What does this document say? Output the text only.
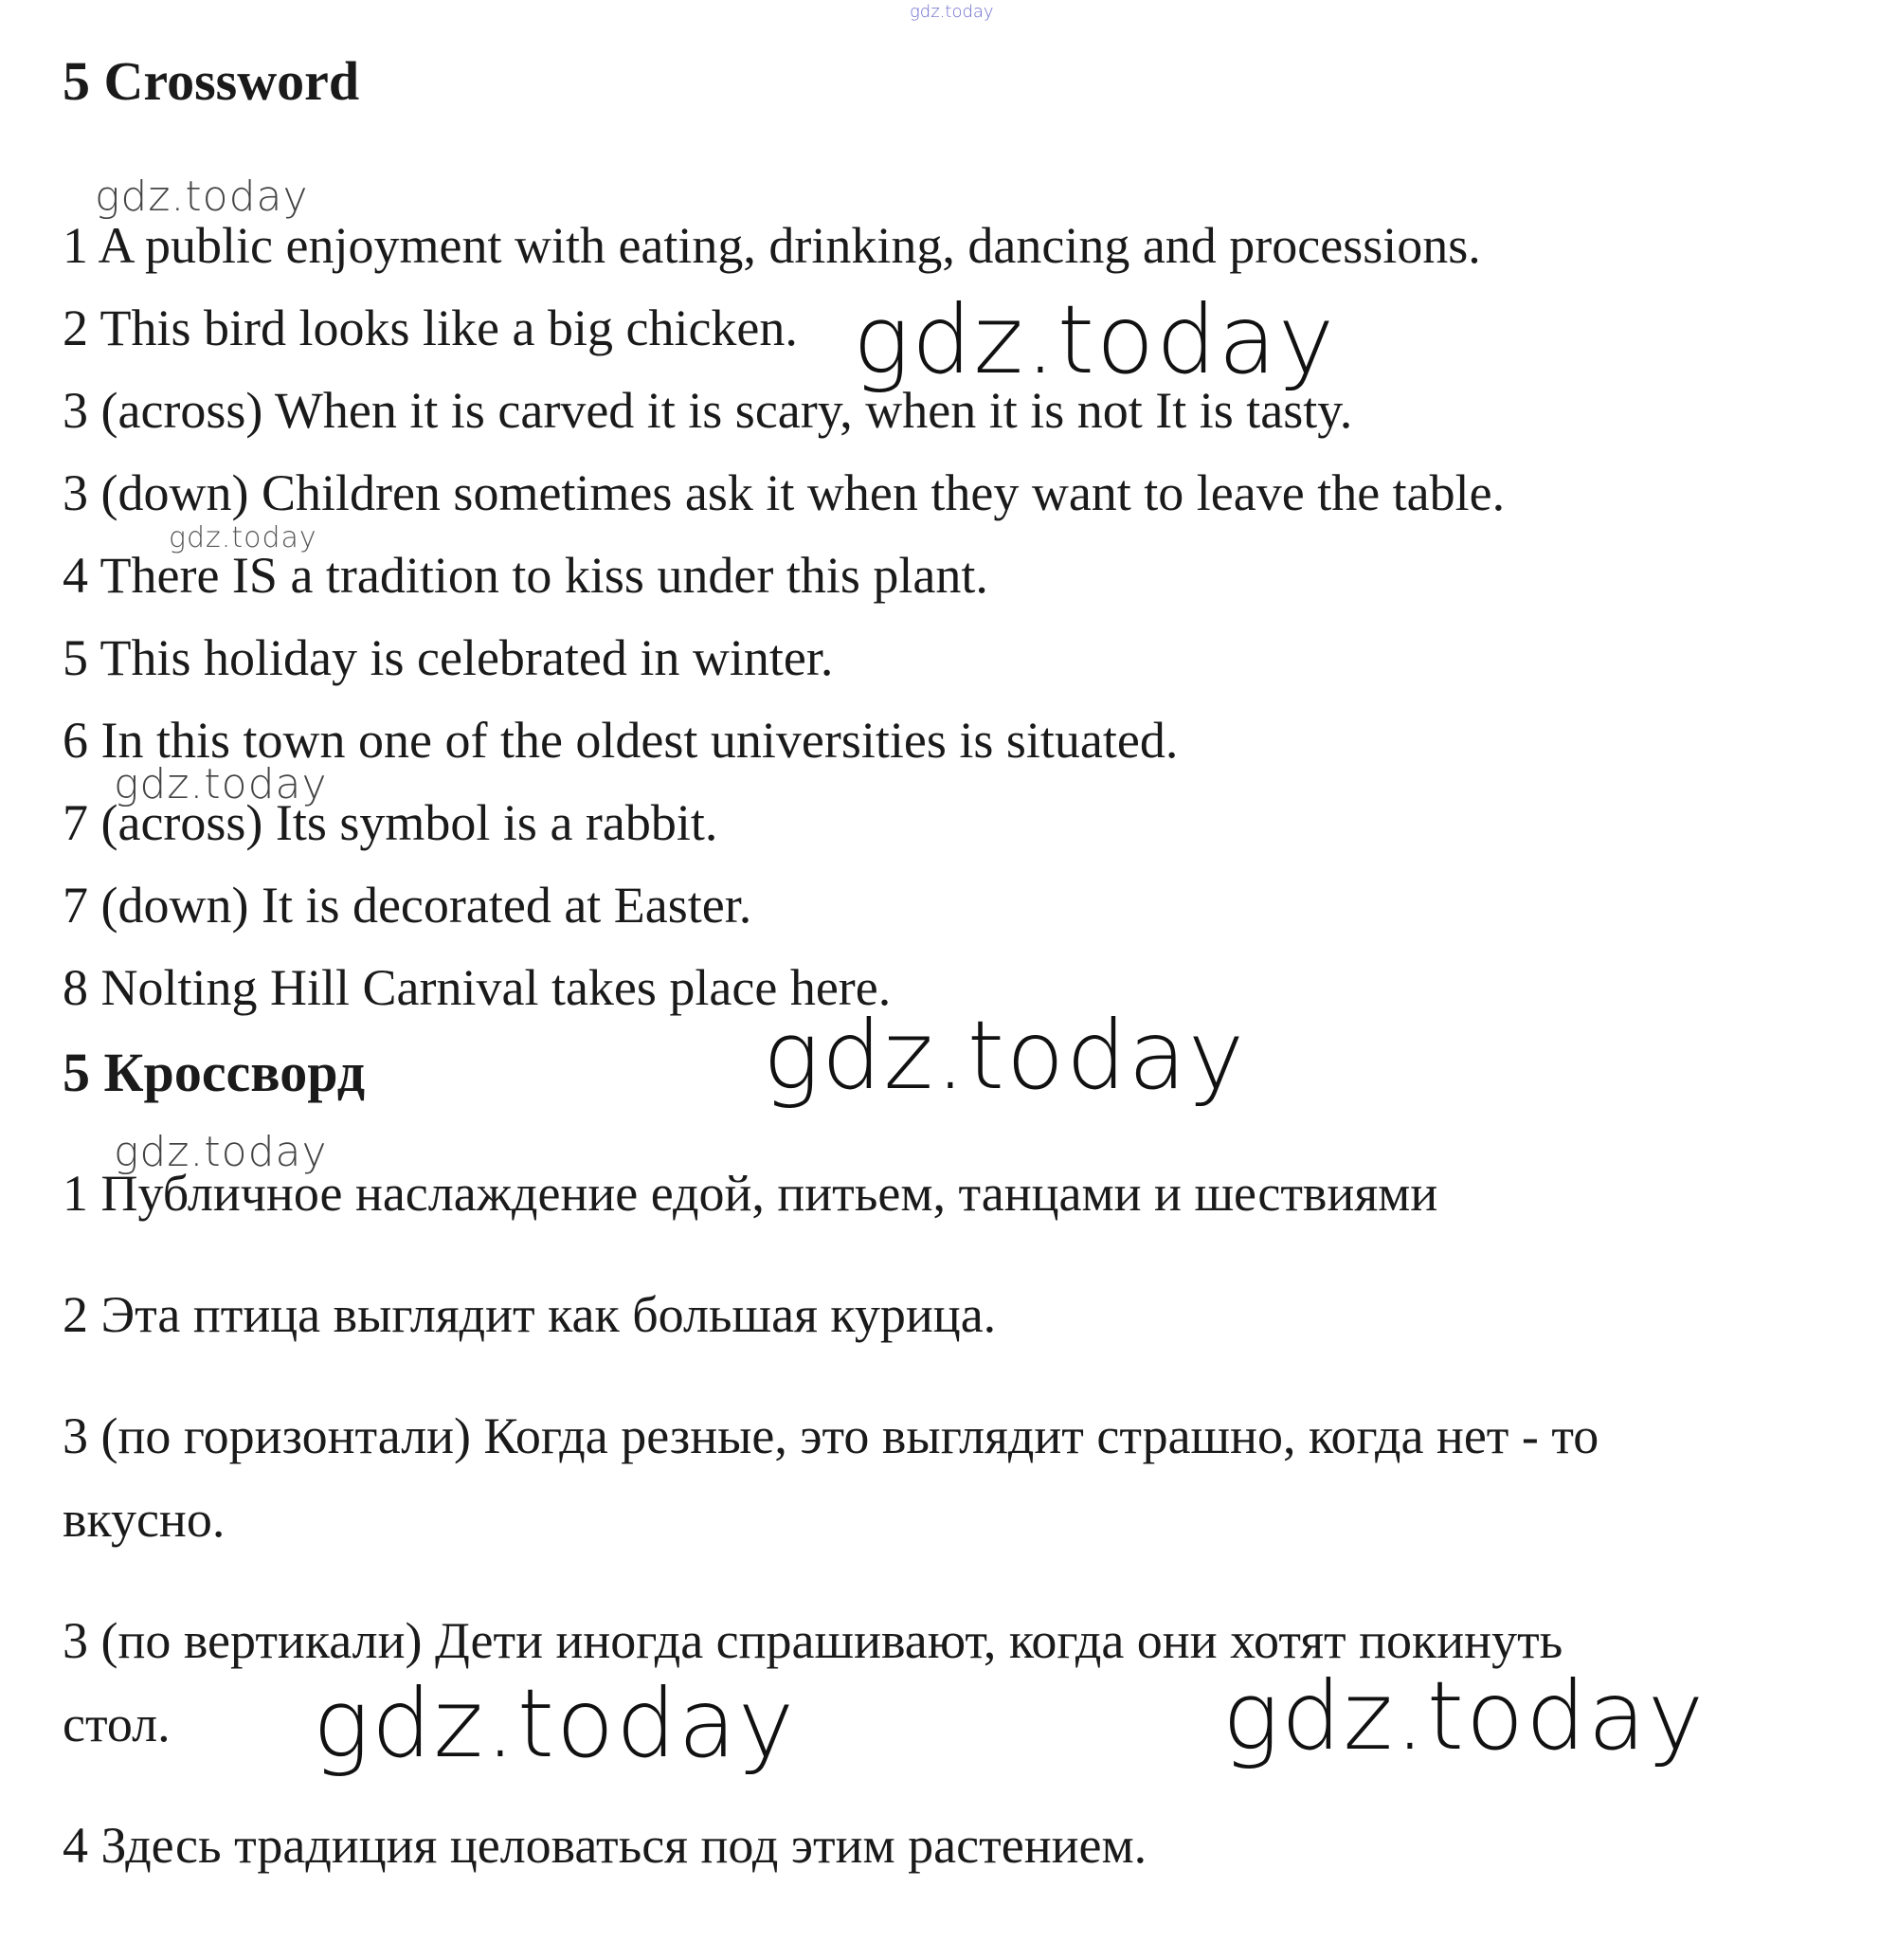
gdz.today
gdz.today
gdz.today
gdz.today
gdz.today
gdz.today
gdz.today
gdz.today	gdz.today
5 Crossword

1 A public enjoyment with eating, drinking, dancing and processions.

2 This bird looks like a big chicken.

3 (across) When it is carved it is scary, when it is not It is tasty.

3 (down) Children sometimes ask it when they want to leave the table.

4 There IS a tradition to kiss under this plant.

5 This holiday is celebrated in winter.

6 In this town one of the oldest universities is situated.

7 (across) Its symbol is a rabbit.

7 (down) It is decorated at Easter.

8 Nolting Hill Carnival takes place here.

5 Кроссворд

1 Публичное наслаждение едой, питьем, танцами и шествиями

2 Эта птица выглядит как большая курица.

3 (по горизонтали) Когда резные, это выглядит страшно, когда нет - то

вкусно.

3 (по вертикали) Дети иногда спрашивают, когда они хотят покинуть

стол.

4 Здесь традиция целоваться под этим растением.
